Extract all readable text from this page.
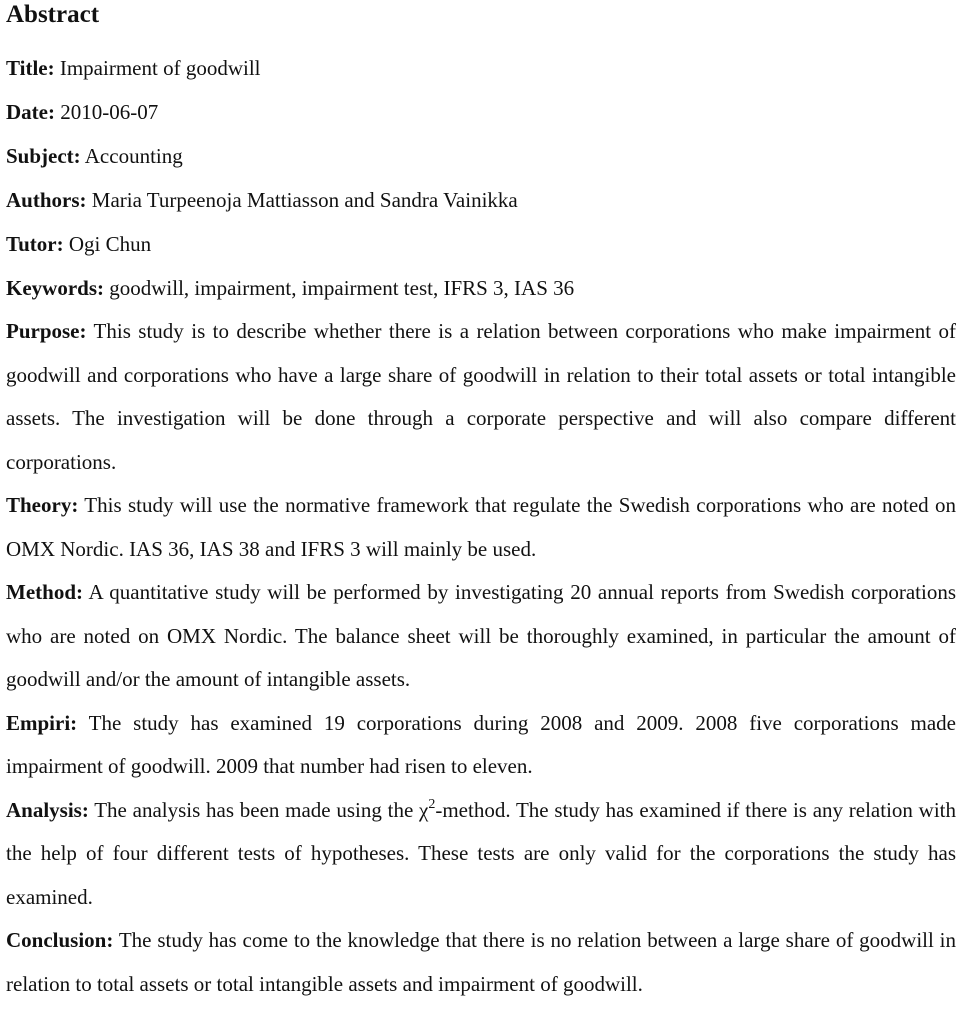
Abstract
Title: Impairment of goodwill
Date: 2010-06-07
Subject: Accounting
Authors: Maria Turpeenoja Mattiasson and Sandra Vainikka
Tutor: Ogi Chun
Keywords: goodwill, impairment, impairment test, IFRS 3, IAS 36
Purpose: This study is to describe whether there is a relation between corporations who make impairment of goodwill and corporations who have a large share of goodwill in relation to their total assets or total intangible assets. The investigation will be done through a corporate perspective and will also compare different corporations.
Theory: This study will use the normative framework that regulate the Swedish corporations who are noted on OMX Nordic. IAS 36, IAS 38 and IFRS 3 will mainly be used.
Method: A quantitative study will be performed by investigating 20 annual reports from Swedish corporations who are noted on OMX Nordic. The balance sheet will be thoroughly examined, in particular the amount of goodwill and/or the amount of intangible assets.
Empiri: The study has examined 19 corporations during 2008 and 2009. 2008 five corporations made impairment of goodwill. 2009 that number had risen to eleven.
Analysis: The analysis has been made using the $\chi^2$-method. The study has examined if there is any relation with the help of four different tests of hypotheses. These tests are only valid for the corporations the study has examined.
Conclusion: The study has come to the knowledge that there is no relation between a large share of goodwill in relation to total assets or total intangible assets and impairment of goodwill.
